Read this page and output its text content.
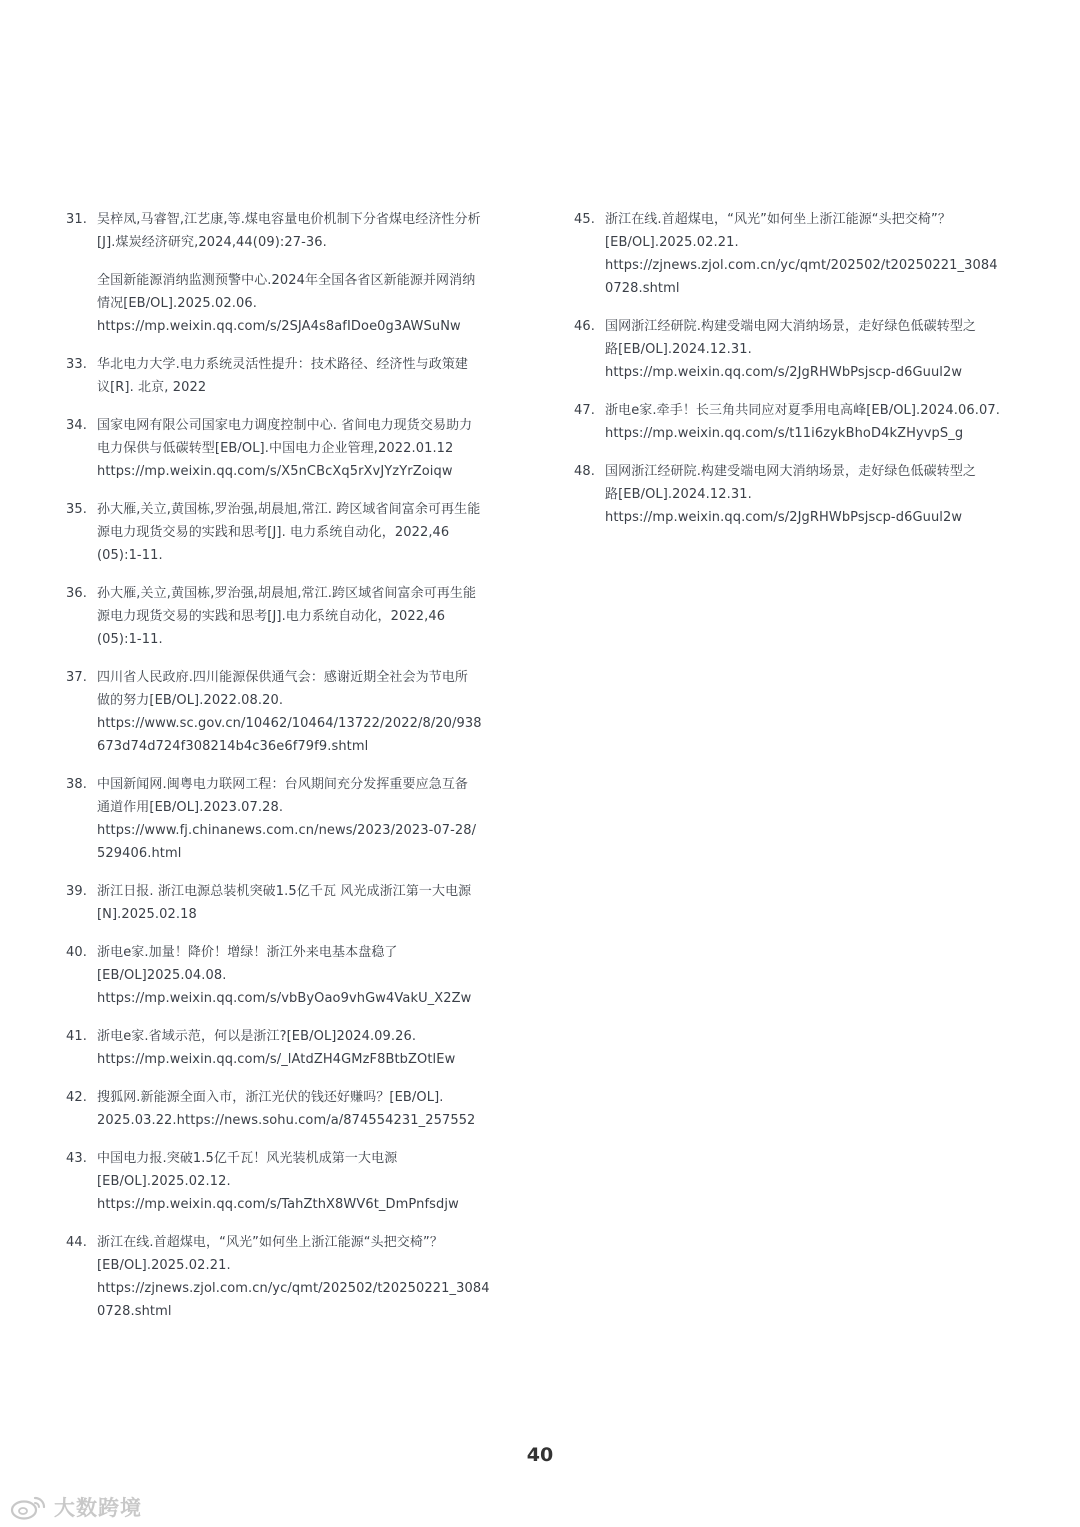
31. 吴梓凤,马睿智,江艺康,等.煤电容量电价机制下分省煤电经济性分析
[J].煤炭经济研究,2024,44(09):27-36.
全国新能源消纳监测预警中心.2024年全国各省区新能源并网消纳
情况[EB/OL].2025.02.06.
https://mp.weixin.qq.com/s/2SJA4s8afIDoe0g3AWSuNw
33. 华北电力大学.电力系统灵活性提升：技术路径、经济性与政策建
议[R]. 北京, 2022
34. 国家电网有限公司国家电力调度控制中心. 省间电力现货交易助力
电力保供与低碳转型[EB/OL].中国电力企业管理,2022.01.12
https://mp.weixin.qq.com/s/X5nCBcXq5rXvJYzYrZoiqw
35. 孙大雁,关立,黄国栋,罗治强,胡晨旭,常江. 跨区域省间富余可再生能
源电力现货交易的实践和思考[J]. 电力系统自动化，2022,46
(05):1-11.
36. 孙大雁,关立,黄国栋,罗治强,胡晨旭,常江.跨区域省间富余可再生能
源电力现货交易的实践和思考[J].电力系统自动化，2022,46
(05):1-11.
37. 四川省人民政府.四川能源保供通气会：感谢近期全社会为节电所
做的努力[EB/OL].2022.08.20.
https://www.sc.gov.cn/10462/10464/13722/2022/8/20/938
673d74d724f308214b4c36e6f79f9.shtml
38. 中国新闻网.闽粤电力联网工程：台风期间充分发挥重要应急互备
通道作用[EB/OL].2023.07.28.
https://www.fj.chinanews.com.cn/news/2023/2023-07-28/
529406.html
39. 浙江日报. 浙江电源总装机突破1.5亿千瓦 风光成浙江第一大电源
[N].2025.02.18
40. 浙电e家.加量！降价！增绿！浙江外来电基本盘稳了
[EB/OL]2025.04.08.
https://mp.weixin.qq.com/s/vbByOao9vhGw4VakU_X2Zw
41. 浙电e家.省域示范，何以是浙江?[EB/OL]2024.09.26.
https://mp.weixin.qq.com/s/_lAtdZH4GMzF8BtbZOtlEw
42. 搜狐网.新能源全面入市，浙江光伏的钱还好赚吗？[EB/OL].
2025.03.22.https://news.sohu.com/a/874554231_257552
43. 中国电力报.突破1.5亿千瓦！风光装机成第一大电源
[EB/OL].2025.02.12.
https://mp.weixin.qq.com/s/TahZthX8WV6t_DmPnfsdjw
44. 浙江在线.首超煤电，“风光”如何坐上浙江能源“头把交椅”？
[EB/OL].2025.02.21.
https://zjnews.zjol.com.cn/yc/qmt/202502/t20250221_3084
0728.shtml
45. 浙江在线.首超煤电，“风光”如何坐上浙江能源“头把交椅”？
[EB/OL].2025.02.21.
https://zjnews.zjol.com.cn/yc/qmt/202502/t20250221_3084
0728.shtml
46. 国网浙江经研院.构建受端电网大消纳场景，走好绿色低碳转型之
路[EB/OL].2024.12.31.
https://mp.weixin.qq.com/s/2JgRHWbPsjscp-d6Guul2w
47. 浙电e家.牵手！长三角共同应对夏季用电高峰[EB/OL].2024.06.07.
https://mp.weixin.qq.com/s/t11i6zykBhoD4kZHyvpS_g
48. 国网浙江经研院.构建受端电网大消纳场景，走好绿色低碳转型之
路[EB/OL].2024.12.31.
https://mp.weixin.qq.com/s/2JgRHWbPsjscp-d6Guul2w
40
大数跨境
